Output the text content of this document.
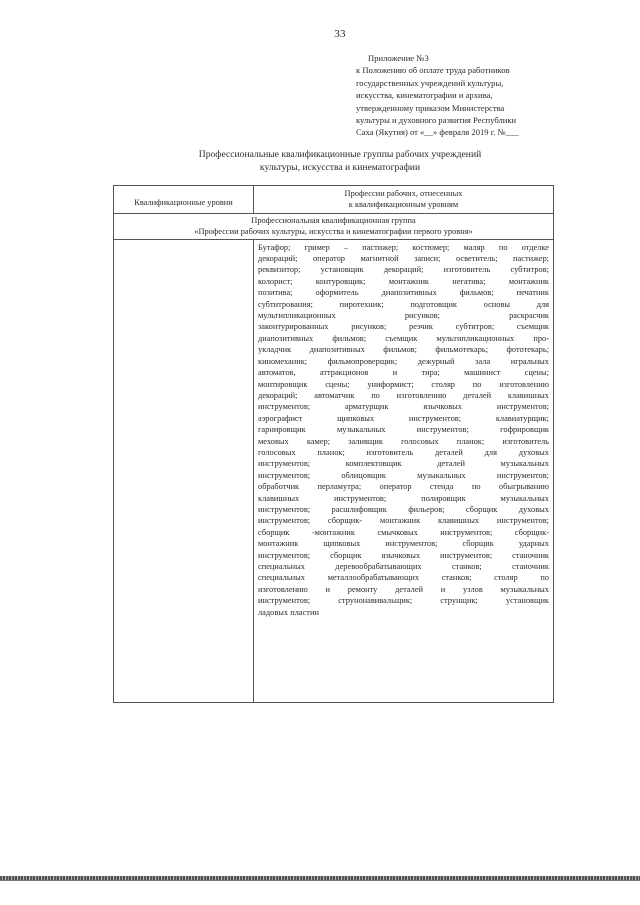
33
Приложение №3
к Положению об оплате труда работников
государственных учреждений культуры,
искусства, кинематографии и архива,
утвержденному приказом Министерства
культуры и духовного развития Республики
Саха (Якутия) от «__» февраля 2019 г. №___
Профессиональные квалификационные группы рабочих учреждений
культуры, искусства и кинематографии
Квалификационные уровни
Профессии рабочих, отнесенных
к квалификационным уровням
Профессиональная квалификационная группа
«Профессии рабочих культуры, искусства и кинематографии первого уровня»
Бутафор; гример – пастижер; костюмер; маляр по отделке
декораций; оператор магнитной записи; осветитель; пастижер;
реквизитор; установщик декораций; изготовитель субтитров;
колорист; контуровщик; монтажник негатива; монтажник
позитива; оформитель диапозитивных фильмов; печатник
субтитрования; пиротехник; подготовщик основы для
мультипликационных рисунков; раскрасчик
законтурированных рисунков; резчик субтитров; съемщик
диапозитивных фильмов; съемщик мультипликационных про-
укладчик диапозитивных фильмов; фильмотекарь; фототекарь;
киномеханик; фильмопроверщик; дежурный зала игральных
автоматов, аттракционов и тира; машинист сцены;
монтировщик сцены; униформист; столяр по изготовлению
декораций; автоматчик по изготовлению деталей клавишных
инструментов; арматурщик язычковых инструментов;
аэрографист щипковых инструментов; клавиатурщик;
гарнировщик музыкальных инструментов; гофрировщик
меховых камер; заливщик голосовых планок; изготовитель
голосовых планок; изготовитель деталей для духовых
инструментов; комплектовщик деталей музыкальных
инструментов; облицовщик музыкальных инструментов;
обработчик перламутра; оператор стенда по обыгрыванию
клавишных инструментов; полировщик музыкальных
инструментов; расшлифовщик фильеров; сборщик духовых
инструментов; сборщик- монтажник клавишных инструментов;
сборщик -монтажник смычковых инструментов; сборщик-
монтажник щипковых инструментов; сборщик ударных
инструментов; сборщик язычковых инструментов; станочник
специальных деревообрабатывающих станков; станочник
специальных металлообрабатывающих станков; столяр по
изготовлению и ремонту деталей и узлов музыкальных
инструментов; струнонавивальщик; струнщик; установщик
ладовых пластин
